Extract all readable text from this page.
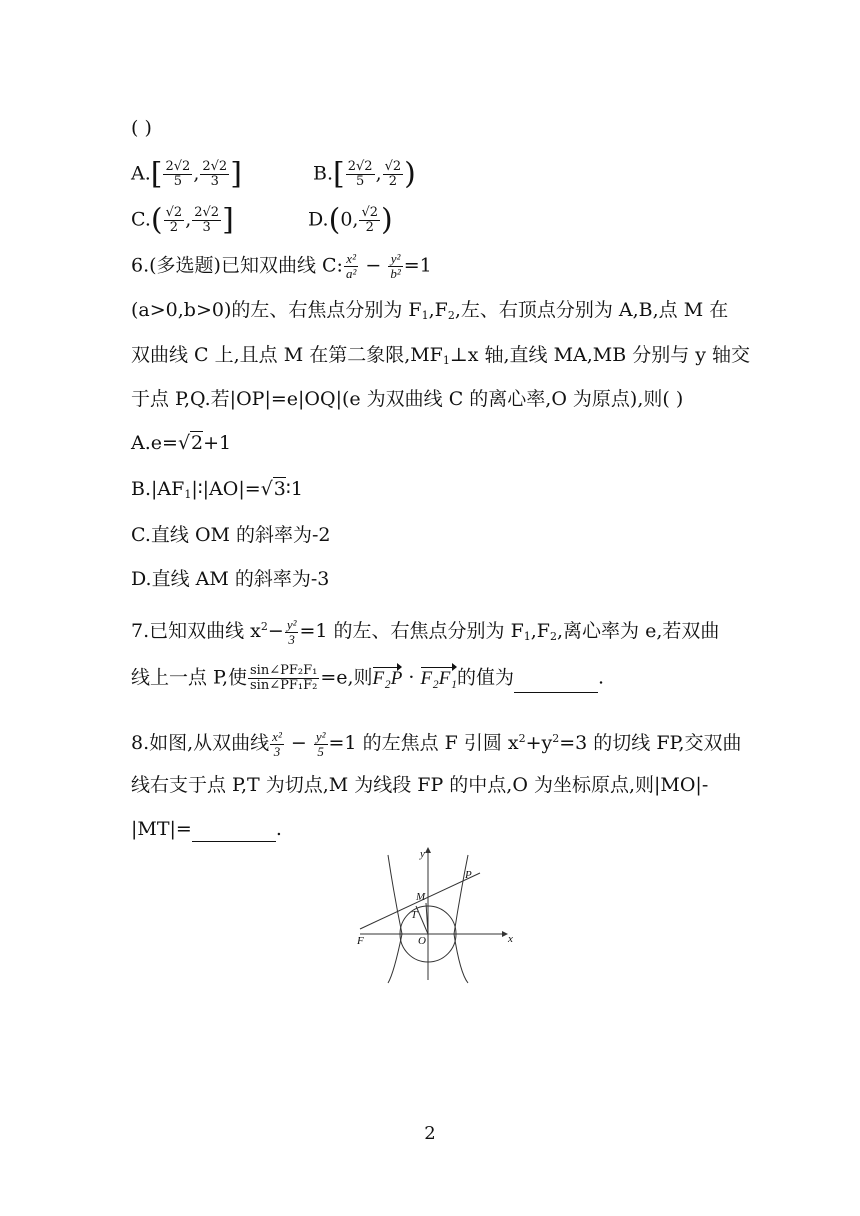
( )
$A.[ \frac{2√2}{5}$ , $\frac{2√2}{3}$ ]	$B.[ \frac{2√2}{5}$ , $\frac{√2}{2}$ )
$C.( \frac{√2}{2}$ , $\frac{2√2}{3}$ ]	D.(0, $\frac{√2}{2}$ )
6.(多选题)已知双曲线 C: $\frac{\text{x²}}{\text{a²}} - \frac{\text{y²}}{\text{b²}} =1$
(a>0,b>0)的左、右焦点分别为 $F_1,F_2$,左、右顶点分别为 A,B,点 M 在
双曲线 C 上,且点 M 在第二象限$,MF_1\perp x$ 轴,直线 MA,MB 分别与 y 轴交
于点 P,Q.若|OP|=e|OQ|(e 为双曲线 C 的离心率,O 为原点),则( )
A.e=√2+1
$B.|AF_1|∶|AO|=√3∶1$
C.直线 OM 的斜率为-2
D.直线 AM 的斜率为-3
7.已知双曲线 $x^2- \frac{\text{y²}}{3} =1$ 的左、右焦点分别为 $F_1,F_2$,离心率为 e,若双曲
线上一点 P,使 $\frac{\text{sin∠PF₂F₁}}{\text{sin∠PF₁F₂}} =e$,则F₂P · F₂F₁的值为	.
8.如图,从双曲线 $\frac{\text{x²}}{3} - \frac{\text{y²}}{5} =1$ 的左焦点 F 引圆 $x^2+y^2=3$ 的切线 FP,交双曲
线右支于点 P,T 为切点,M 为线段 FP 的中点,O 为坐标原点,则|MO|-
|MT|=	.
y
x
P
M
T
F	O
2
